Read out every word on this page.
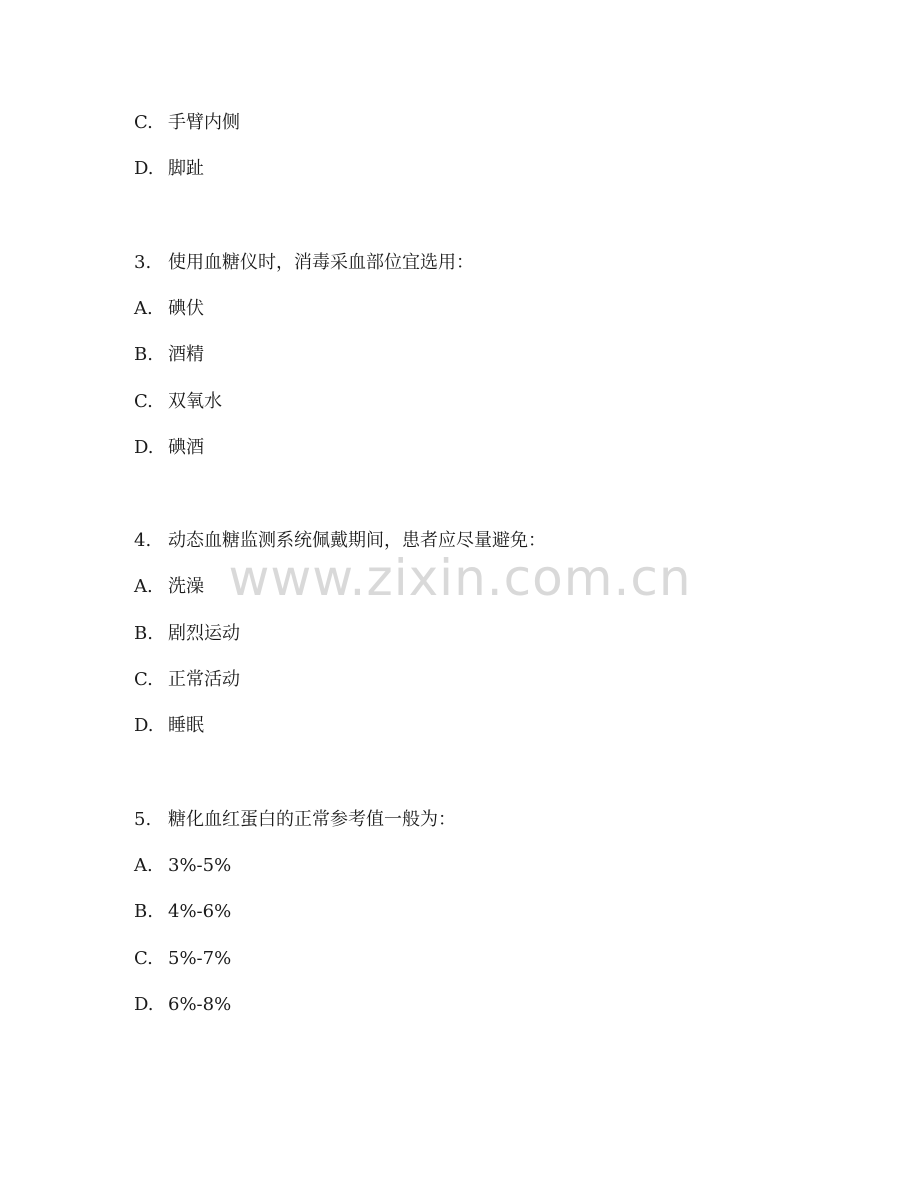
C. 手臂内侧
D. 脚趾
3. 使用血糖仪时，消毒采血部位宜选用：
A. 碘伏
B. 酒精
C. 双氧水
D. 碘酒
4. 动态血糖监测系统佩戴期间，患者应尽量避免：
A. 洗澡
B. 剧烈运动
C. 正常活动
D. 睡眠
5. 糖化血红蛋白的正常参考值一般为：
A. 3%-5%
B. 4%-6%
C. 5%-7%
D. 6%-8%
www.zixin.com.cn
